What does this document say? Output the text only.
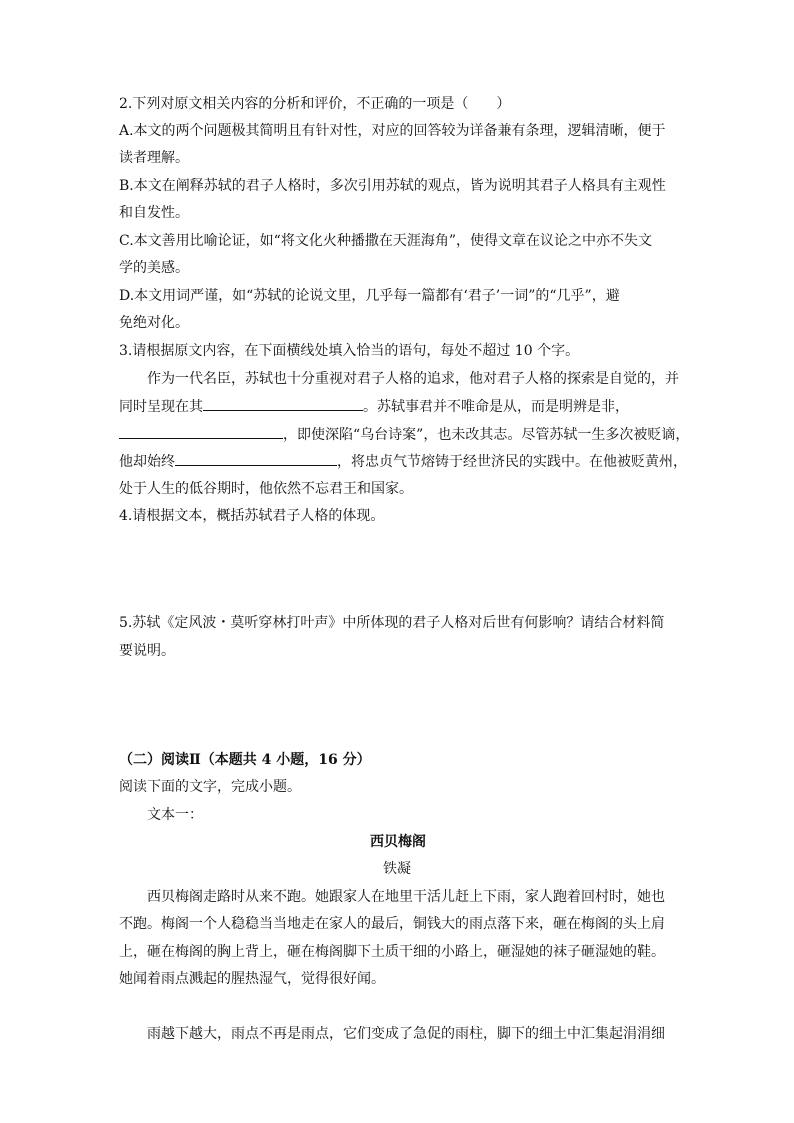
2.下列对原文相关内容的分析和评价，不正确的一项是（　　）
A.本文的两个问题极其简明且有针对性，对应的回答较为详备兼有条理，逻辑清晰，便于
读者理解。
B.本文在阐释苏轼的君子人格时，多次引用苏轼的观点，皆为说明其君子人格具有主观性
和自发性。
C.本文善用比喻论证，如“将文化火种播撒在天涯海角”，使得文章在议论之中亦不失文
学的美感。
D.本文用词严谨，如“苏轼的论说文里，几乎每一篇都有‘君子’一词”的“几乎”，避
免绝对化。
3.请根据原文内容，在下面横线处填入恰当的语句，每处不超过 10 个字。
作为一代名臣，苏轼也十分重视对君子人格的追求，他对君子人格的探索是自觉的，并
同时呈现在其	。苏轼事君并不唯命是从，而是明辨是非，
，即使深陷“乌台诗案”，也未改其志。尽管苏轼一生多次被贬谪，
他却始终	，将忠贞气节熔铸于经世济民的实践中。在他被贬黄州，
处于人生的低谷期时，他依然不忘君王和国家。
4.请根据文本，概括苏轼君子人格的体现。
5.苏轼《定风波・莫听穿林打叶声》中所体现的君子人格对后世有何影响？请结合材料简
要说明。
（二）阅读Ⅱ（本题共 4 小题，16 分）
阅读下面的文字，完成小题。
文本一：
西贝梅阁
铁凝
西贝梅阁走路时从来不跑。她跟家人在地里干活儿赶上下雨，家人跑着回村时，她也
不跑。梅阁一个人稳稳当当地走在家人的最后，铜钱大的雨点落下来，砸在梅阁的头上肩
上，砸在梅阁的胸上背上，砸在梅阁脚下土质干细的小路上，砸湿她的袜子砸湿她的鞋。
她闻着雨点溅起的腥热湿气，觉得很好闻。
雨越下越大，雨点不再是雨点，它们变成了急促的雨柱，脚下的细土中汇集起涓涓细
